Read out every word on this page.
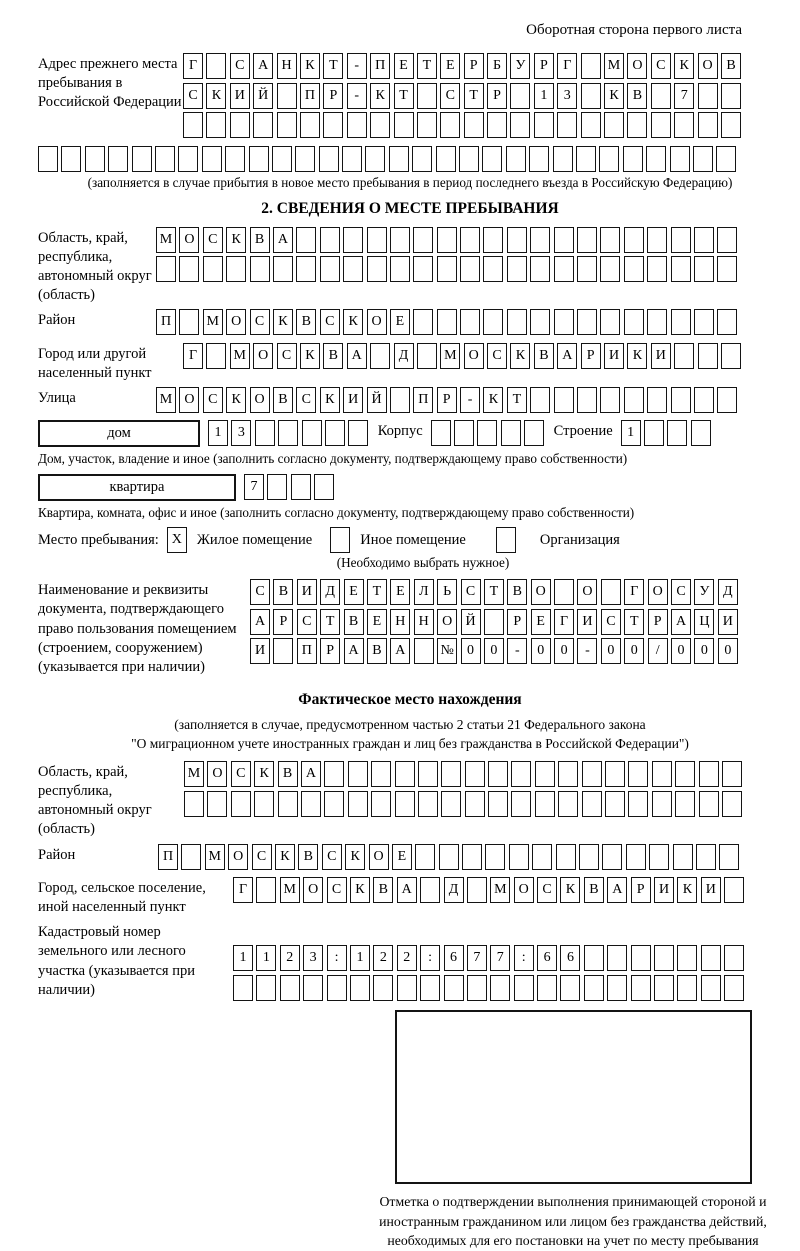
Оборотная сторона первого листа
Адрес прежнего места пребывания в Российской Федерации
Г	С А Н К	Т	-	П	Е	Т	Е	Р	Б	У	Р	Г	М О С	К О В
С	К И Й	П	Р	-	К	Т	С	Т	Р	1	3	К	В	7
(заполняется в случае прибытия в новое место пребывания в период последнего въезда в Российскую Федерацию)
2. СВЕДЕНИЯ О МЕСТЕ ПРЕБЫВАНИЯ
Область, край, республика, автономный округ (область)
М О С	К	В А
Район	П	М О С	К	В	С	К О	Е
Город или другой населенный пункт
Г	М О С	К	В А	Д	М О С	К	В А	Р	И К И
Улица	М О С	К О В	С	К И Й	П	Р	-	К	Т
дом	1	3	Корпус	Строение	1
Дом, участок, владение и иное (заполнить согласно документу, подтверждающему право собственности)
квартира	7
Квартира, комната, офис и иное (заполнить согласно документу, подтверждающему право собственности)
Место пребывания: X	Жилое помещение	Иное помещение	Организация
(Необходимо выбрать нужное)
Наименование и реквизиты документа, подтверждающего право пользования помещением (строением, сооружением) (указывается при наличии)
С	В И Д	Е	Т	Е	Л	Ь	С	Т	В О	О	Г	О С У Д
А	Р	С	Т	В	Е	Н Н О Й	Р	Е	Г	И С	Т	Р	А Ц И
И	П	Р	А В А	№ 0	0	-	0	0	-	0	0	/	0	0	0
Фактическое место нахождения
(заполняется в случае, предусмотренном частью 2 статьи 21 Федерального закона
"О миграционном учете иностранных граждан и лиц без гражданства в Российской Федерации")
Область, край, республика, автономный округ (область)
М О С	К	В А
Район	П	М О С	К	В	С	К О	Е
Город, сельское поселение, иной населенный пункт
Г	М О С	К	В А	Д	М О С	К	В А	Р	И К И
Кадастровый номер земельного или лесного участка (указывается при наличии)
1	1	2	3	:	1	2	2	:	6	7	7	:	6	6
Отметка о подтверждении выполнения принимающей стороной и иностранным гражданином или лицом без гражданства действий, необходимых для его постановки на учет по месту пребывания
